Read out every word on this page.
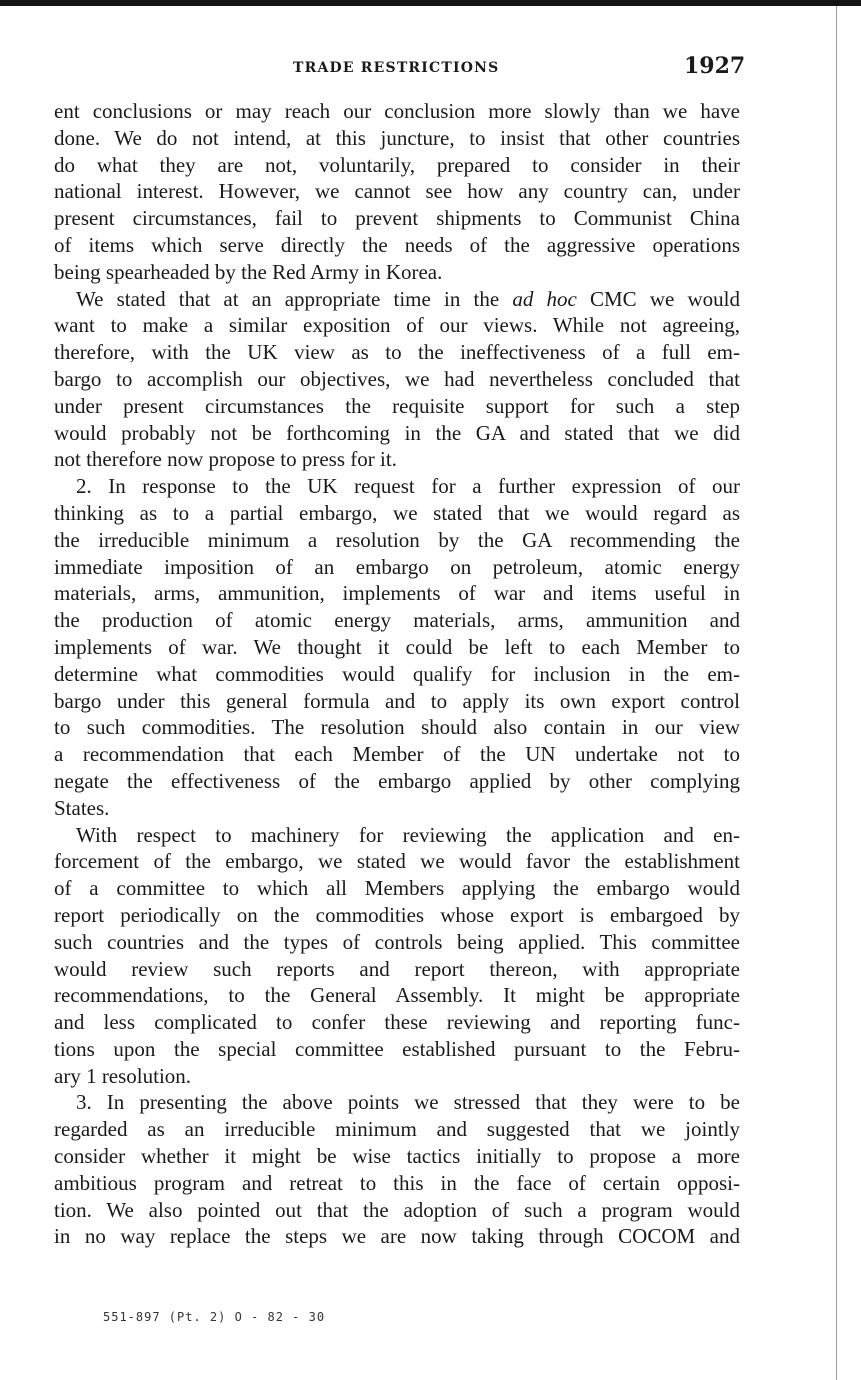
TRADE RESTRICTIONS	1927
ent conclusions or may reach our conclusion more slowly than we have
done. We do not intend, at this juncture, to insist that other countries
do what they are not, voluntarily, prepared to consider in their
national interest. However, we cannot see how any country can, under
present circumstances, fail to prevent shipments to Communist China
of items which serve directly the needs of the aggressive operations
being spearheaded by the Red Army in Korea.
We stated that at an appropriate time in the ad hoc CMC we would
want to make a similar exposition of our views. While not agreeing,
therefore, with the UK view as to the ineffectiveness of a full em-
bargo to accomplish our objectives, we had nevertheless concluded that
under present circumstances the requisite support for such a step
would probably not be forthcoming in the GA and stated that we did
not therefore now propose to press for it.
2. In response to the UK request for a further expression of our
thinking as to a partial embargo, we stated that we would regard as
the irreducible minimum a resolution by the GA recommending the
immediate imposition of an embargo on petroleum, atomic energy
materials, arms, ammunition, implements of war and items useful in
the production of atomic energy materials, arms, ammunition and
implements of war. We thought it could be left to each Member to
determine what commodities would qualify for inclusion in the em-
bargo under this general formula and to apply its own export control
to such commodities. The resolution should also contain in our view
a recommendation that each Member of the UN undertake not to
negate the effectiveness of the embargo applied by other complying
States.
With respect to machinery for reviewing the application and en-
forcement of the embargo, we stated we would favor the establishment
of a committee to which all Members applying the embargo would
report periodically on the commodities whose export is embargoed by
such countries and the types of controls being applied. This committee
would review such reports and report thereon, with appropriate
recommendations, to the General Assembly. It might be appropriate
and less complicated to confer these reviewing and reporting func-
tions upon the special committee established pursuant to the Febru-
ary 1 resolution.
3. In presenting the above points we stressed that they were to be
regarded as an irreducible minimum and suggested that we jointly
consider whether it might be wise tactics initially to propose a more
ambitious program and retreat to this in the face of certain opposi-
tion. We also pointed out that the adoption of such a program would
in no way replace the steps we are now taking through COCOM and
551-897 (Pt. 2) O - 82 - 30
